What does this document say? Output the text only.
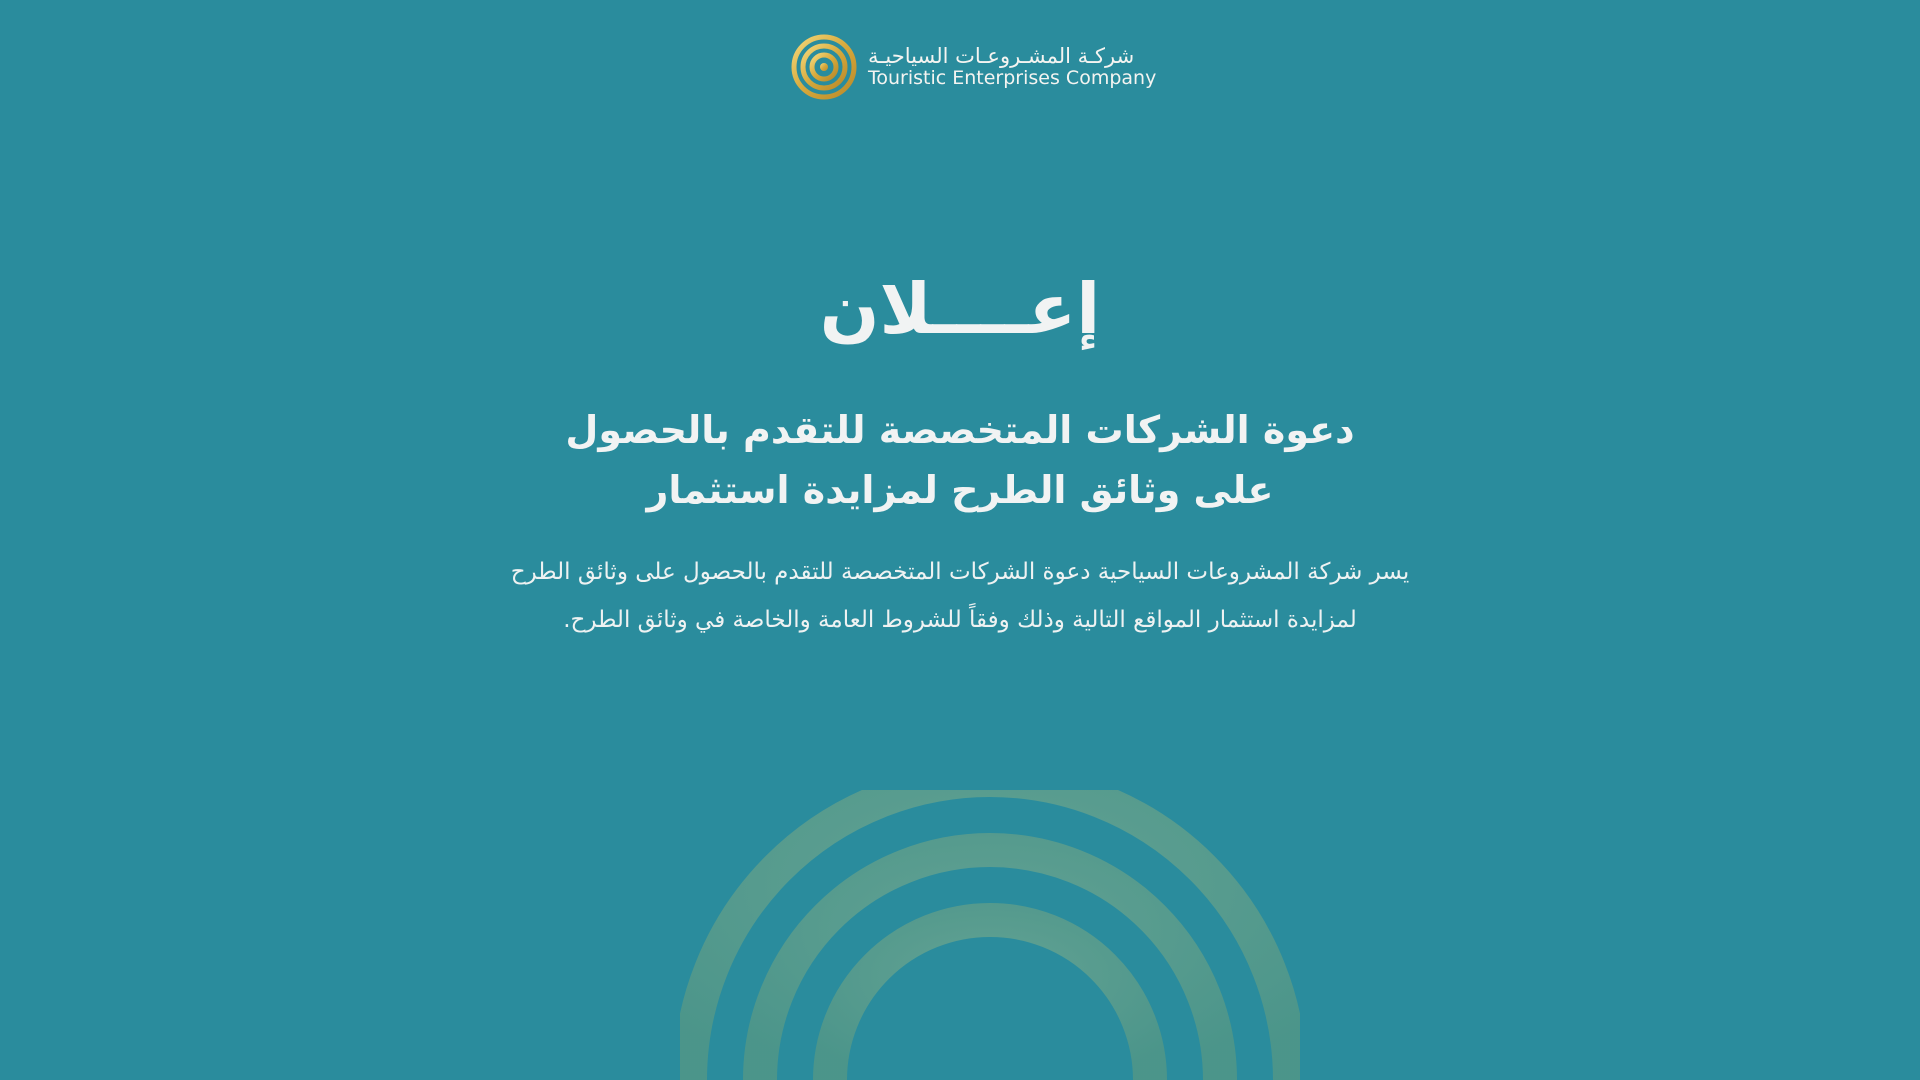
شركـة المشـروعـات السياحيـة
Touristic Enterprises Company
إعــــلان
دعوة الشركات المتخصصة للتقدم بالحصول
على وثائق الطرح لمزايدة استثمار
يسر شركة المشروعات السياحية دعوة الشركات المتخصصة للتقدم بالحصول على وثائق الطرح
لمزايدة استثمار المواقع التالية وذلك وفقاً للشروط العامة والخاصة في وثائق الطرح.
